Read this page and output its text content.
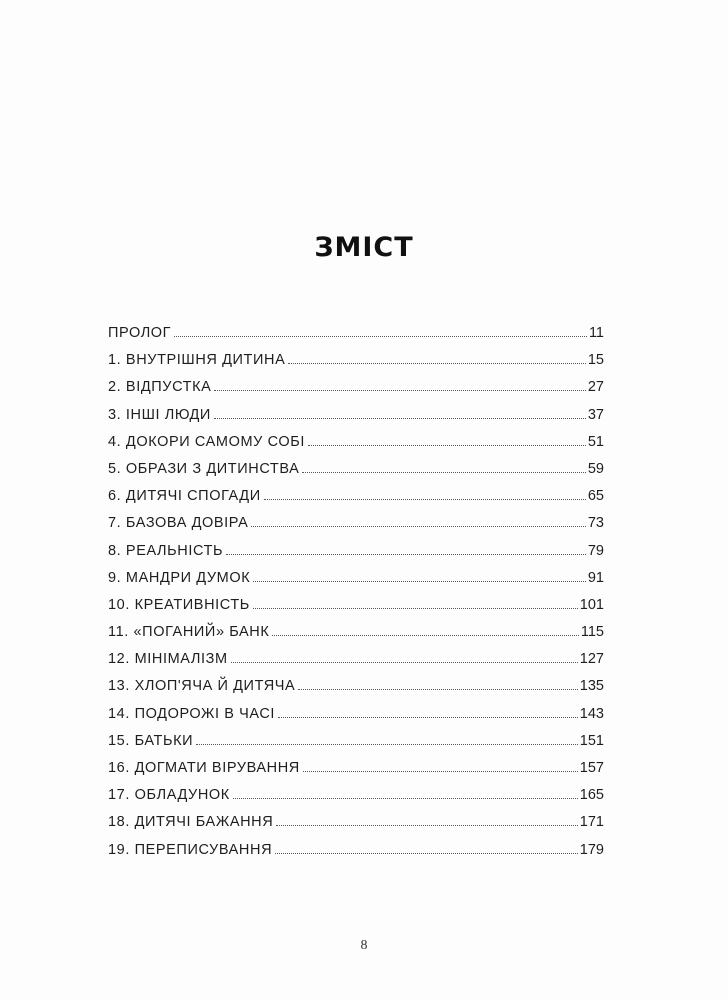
ЗМІСТ
ПРОЛОГ	11
1. ВНУТРІШНЯ ДИТИНА	15
2. ВІДПУСТКА	27
3. ІНШІ ЛЮДИ	37
4. ДОКОРИ САМОМУ СОБІ	51
5. ОБРАЗИ З ДИТИНСТВА	59
6. ДИТЯЧІ СПОГАДИ	65
7. БАЗОВА ДОВІРА	73
8. РЕАЛЬНІСТЬ	79
9. МАНДРИ ДУМОК	91
10. КРЕАТИВНІСТЬ	101
11. «ПОГАНИЙ» БАНК	115
12. МІНІМАЛІЗМ	127
13. ХЛОП'ЯЧА Й ДИТЯЧА	135
14. ПОДОРОЖІ В ЧАСІ	143
15. БАТЬКИ	151
16. ДОГМАТИ ВІРУВАННЯ	157
17. ОБЛАДУНОК	165
18. ДИТЯЧІ БАЖАННЯ	171
19. ПЕРЕПИСУВАННЯ	179
8
